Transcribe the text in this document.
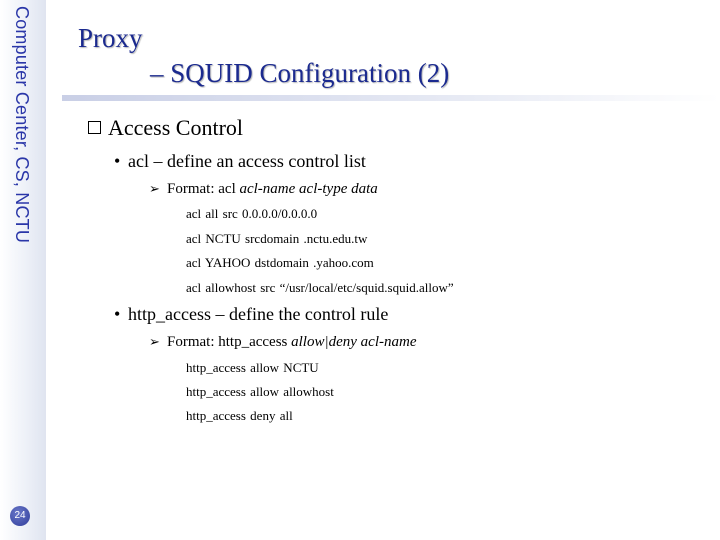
Computer Center, CS, NCTU
24
Proxy
– SQUID Configuration (2)
Access Control
• acl – define an access control list
➢ Format: acl acl-name acl-type data
acl all src 0.0.0.0/0.0.0.0
acl NCTU srcdomain .nctu.edu.tw
acl YAHOO dstdomain .yahoo.com
acl allowhost src “/usr/local/etc/squid.squid.allow”
• http_access – define the control rule
➢ Format: http_access allow|deny acl-name
http_access allow NCTU
http_access allow allowhost
http_access deny all
